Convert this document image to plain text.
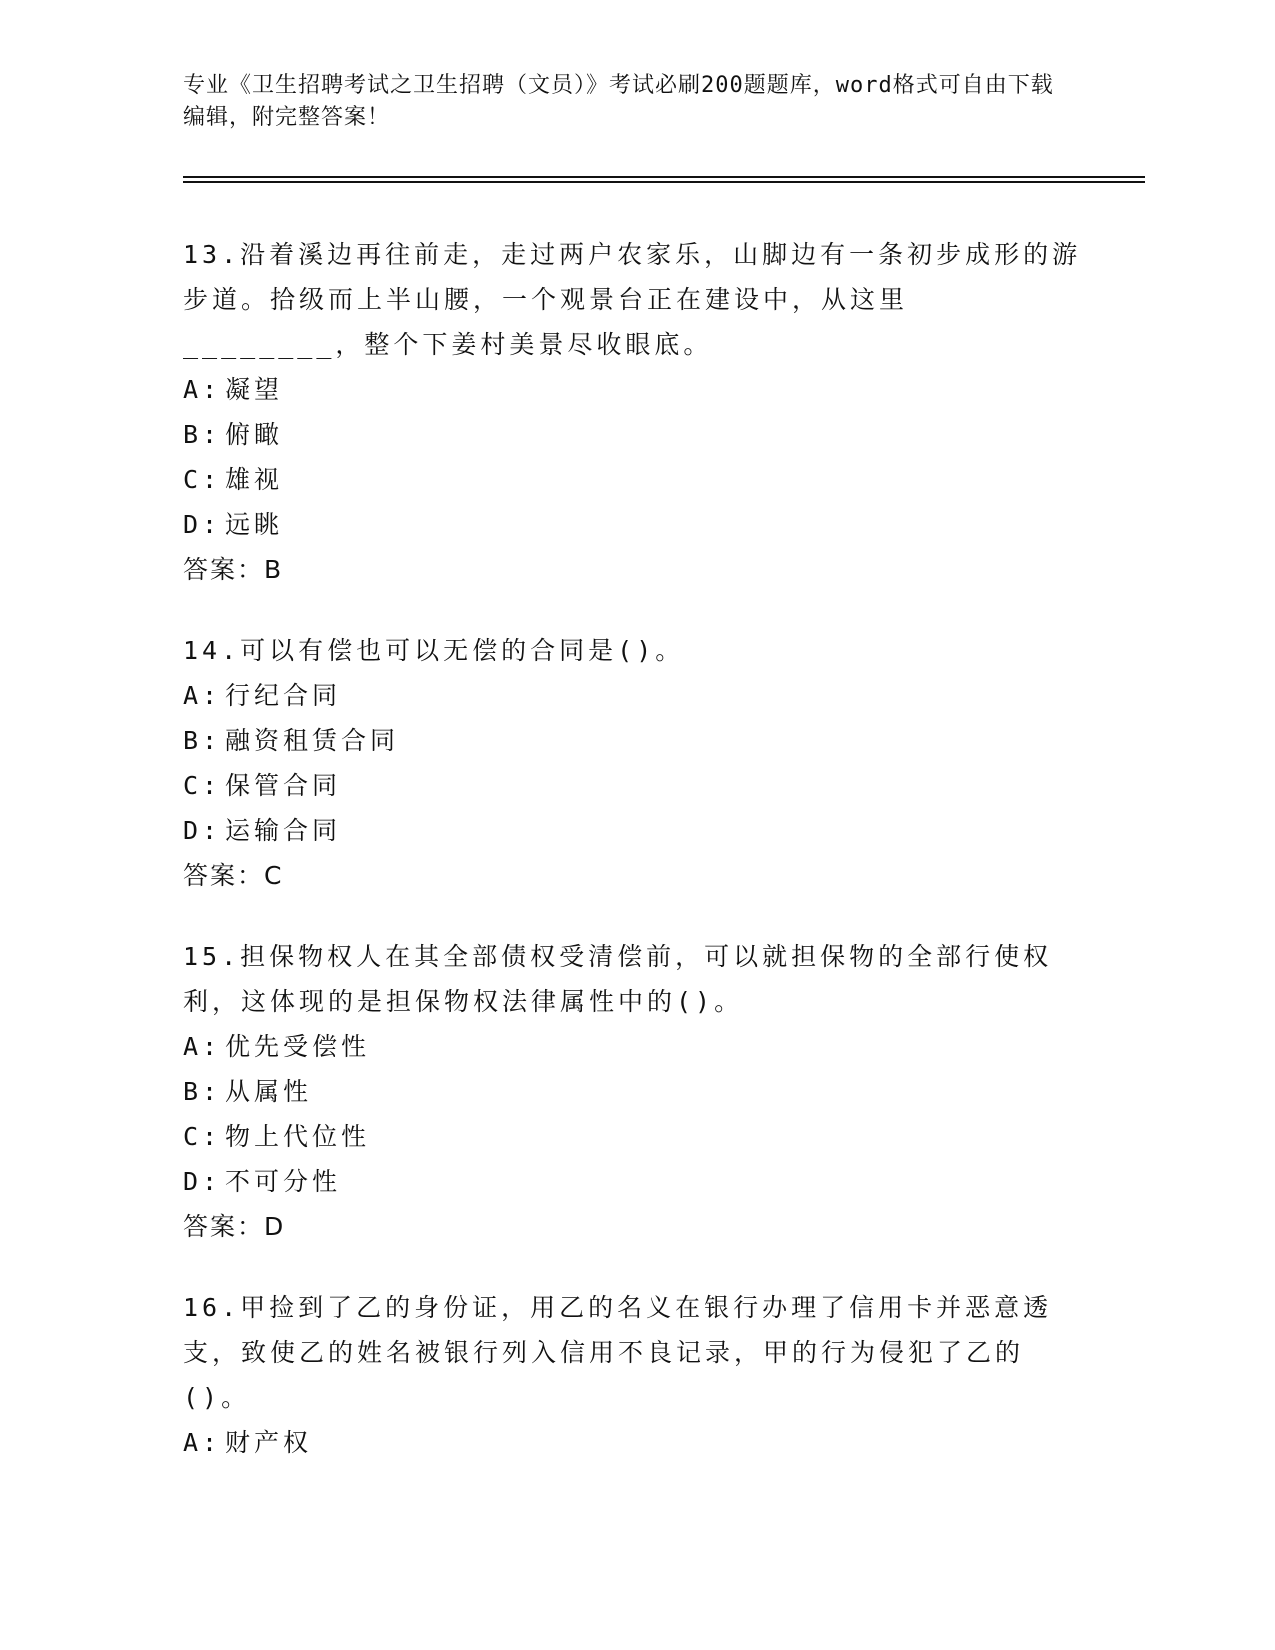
专业《卫生招聘考试之卫生招聘（文员）》考试必刷200题题库，word格式可自由下载编辑，附完整答案！

13.沿着溪边再往前走，走过两户农家乐，山脚边有一条初步成形的游步道。拾级而上半山腰，一个观景台正在建设中，从这里________，整个下姜村美景尽收眼底。

A: 凝望

B: 俯瞰

C: 雄视

D: 远眺

答案：B

14.可以有偿也可以无偿的合同是()。

A: 行纪合同

B: 融资租赁合同

C: 保管合同

D: 运输合同

答案：C

15.担保物权人在其全部债权受清偿前，可以就担保物的全部行使权利，这体现的是担保物权法律属性中的()。

A: 优先受偿性

B: 从属性

C: 物上代位性

D: 不可分性

答案：D

16.甲捡到了乙的身份证，用乙的名义在银行办理了信用卡并恶意透支，致使乙的姓名被银行列入信用不良记录，甲的行为侵犯了乙的()。

A: 财产权
